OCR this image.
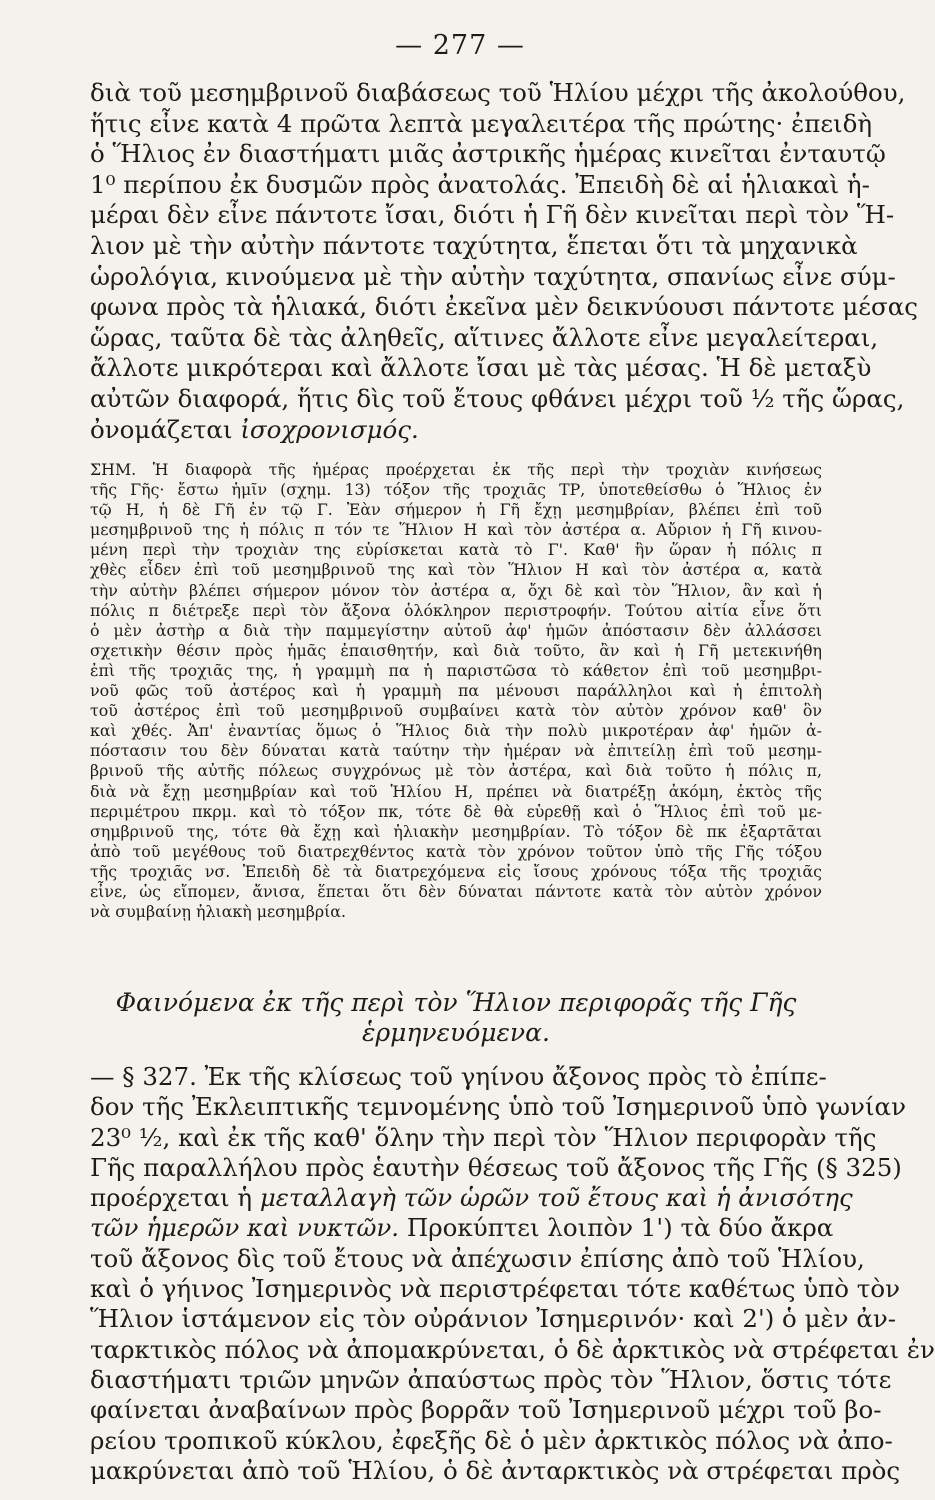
— 277 —

διὰ τοῦ μεσημβρινοῦ διαβάσεως τοῦ Ἡλίου μέχρι τῆς ἀκολούθου,
ἥτις εἶνε κατὰ 4 πρῶτα λεπτὰ μεγαλειτέρα τῆς πρώτης· ἐπειδὴ
ὁ Ἥλιος ἐν διαστήματι μιᾶς ἀστρικῆς ἡμέρας κινεῖται ἐνταυτῷ
1⁰ περίπου ἐκ δυσμῶν πρὸς ἀνατολάς. Ἐπειδὴ δὲ αἱ ἡλιακαὶ ἡ-
μέραι δὲν εἶνε πάντοτε ἴσαι, διότι ἡ Γῆ δὲν κινεῖται περὶ τὸν Ἥ-
λιον μὲ τὴν αὐτὴν πάντοτε ταχύτητα, ἕπεται ὅτι τὰ μηχανικὰ
ὡρολόγια, κινούμενα μὲ τὴν αὐτὴν ταχύτητα, σπανίως εἶνε σύμ-
φωνα πρὸς τὰ ἡλιακά, διότι ἐκεῖνα μὲν δεικνύουσι πάντοτε μέσας
ὥρας, ταῦτα δὲ τὰς ἀληθεῖς, αἵτινες ἄλλοτε εἶνε μεγαλείτεραι,
ἄλλοτε μικρότεραι καὶ ἄλλοτε ἴσαι μὲ τὰς μέσας. Ἡ δὲ μεταξὺ
αὐτῶν διαφορά, ἥτις δὶς τοῦ ἔτους φθάνει μέχρι τοῦ ½ τῆς ὥρας,
ὀνομάζεται ἰσοχρονισμός.

ΣΗΜ. Ἡ διαφορὰ τῆς ἡμέρας προέρχεται ἐκ τῆς περὶ τὴν τροχιὰν κινήσεως
τῆς Γῆς· ἔστω ἡμῖν (σχημ. 13) τόξον τῆς τροχιᾶς ΤΡ, ὑποτεθείσθω ὁ Ἥλιος ἐν
τῷ Η, ἡ δὲ Γῆ ἐν τῷ Γ. Ἐὰν σήμερον ἡ Γῆ ἔχῃ μεσημβρίαν, βλέπει ἐπὶ τοῦ
μεσημβρινοῦ της ἡ πόλις π τόν τε Ἥλιον Η καὶ τὸν ἀστέρα α. Αὔριον ἡ Γῆ κινου-
μένη περὶ τὴν τροχιὰν της εὑρίσκεται κατὰ τὸ Γ'. Καθ' ἣν ὥραν ἡ πόλις π
χθὲς εἶδεν ἐπὶ τοῦ μεσημβρινοῦ της καὶ τὸν Ἥλιον Η καὶ τὸν ἀστέρα α, κατὰ
τὴν αὐτὴν βλέπει σήμερον μόνον τὸν ἀστέρα α, ὄχι δὲ καὶ τὸν Ἥλιον, ἂν καὶ ἡ
πόλις π διέτρεξε περὶ τὸν ἄξονα ὁλόκληρον περιστροφήν. Τούτου αἰτία εἶνε ὅτι
ὁ μὲν ἀστὴρ α διὰ τὴν παμμεγίστην αὐτοῦ ἀφ' ἡμῶν ἀπόστασιν δὲν ἀλλάσσει
σχετικὴν θέσιν πρὸς ἡμᾶς ἐπαισθητήν, καὶ διὰ τοῦτο, ἂν καὶ ἡ Γῆ μετεκινήθη
ἐπὶ τῆς τροχιᾶς της, ἡ γραμμὴ πα ἡ παριστῶσα τὸ κάθετον ἐπὶ τοῦ μεσημβρι-
νοῦ φῶς τοῦ ἀστέρος καὶ ἡ γραμμὴ πα μένουσι παράλληλοι καὶ ἡ ἐπιτολὴ
τοῦ ἀστέρος ἐπὶ τοῦ μεσημβρινοῦ συμβαίνει κατὰ τὸν αὐτὸν χρόνον καθ' ὃν
καὶ χθές. Ἀπ' ἐναντίας ὅμως ὁ Ἥλιος διὰ τὴν πολὺ μικροτέραν ἀφ' ἡμῶν ἀ-
πόστασιν του δὲν δύναται κατὰ ταύτην τὴν ἡμέραν νὰ ἐπιτείλῃ ἐπὶ τοῦ μεσημ-
βρινοῦ τῆς αὐτῆς πόλεως συγχρόνως μὲ τὸν ἀστέρα, καὶ διὰ τοῦτο ἡ πόλις π,
διὰ νὰ ἔχῃ μεσημβρίαν καὶ τοῦ Ἡλίου Η, πρέπει νὰ διατρέξῃ ἀκόμη, ἐκτὸς τῆς
περιμέτρου πκρμ. καὶ τὸ τόξον πκ, τότε δὲ θὰ εὑρεθῇ καὶ ὁ Ἥλιος ἐπὶ τοῦ με-
σημβρινοῦ της, τότε θὰ ἔχῃ καὶ ἡλιακὴν μεσημβρίαν. Τὸ τόξον δὲ πκ ἐξαρτᾶται
ἀπὸ τοῦ μεγέθους τοῦ διατρεχθέντος κατὰ τὸν χρόνον τοῦτον ὑπὸ τῆς Γῆς τόξου
τῆς τροχιᾶς νσ. Ἐπειδὴ δὲ τὰ διατρεχόμενα εἰς ἴσους χρόνους τόξα τῆς τροχιᾶς
εἶνε, ὡς εἴπομεν, ἄνισα, ἕπεται ὅτι δὲν δύναται πάντοτε κατὰ τὸν αὐτὸν χρόνον
νὰ συμβαίνῃ ἡλιακὴ μεσημβρία.
Φαινόμενα ἐκ τῆς περὶ τὸν Ἥλιον περιφορᾶς τῆς Γῆς
ἑρμηνευόμενα.

— § 327. Ἐκ τῆς κλίσεως τοῦ γηίνου ἄξονος πρὸς τὸ ἐπίπε-
δον τῆς Ἐκλειπτικῆς τεμνομένης ὑπὸ τοῦ Ἰσημερινοῦ ὑπὸ γωνίαν
23⁰ ½, καὶ ἐκ τῆς καθ' ὅλην τὴν περὶ τὸν Ἥλιον περιφορὰν τῆς
Γῆς παραλλήλου πρὸς ἑαυτὴν θέσεως τοῦ ἄξονος τῆς Γῆς (§ 325)
προέρχεται ἡ μεταλλαγὴ τῶν ὡρῶν τοῦ ἔτους καὶ ἡ ἀνισότης
τῶν ἡμερῶν καὶ νυκτῶν. Προκύπτει λοιπὸν 1') τὰ δύο ἄκρα
τοῦ ἄξονος δὶς τοῦ ἔτους νὰ ἀπέχωσιν ἐπίσης ἀπὸ τοῦ Ἡλίου,
καὶ ὁ γήινος Ἰσημερινὸς νὰ περιστρέφεται τότε καθέτως ὑπὸ τὸν
Ἥλιον ἱστάμενον εἰς τὸν οὐράνιον Ἰσημερινόν· καὶ 2') ὁ μὲν ἀν-
ταρκτικὸς πόλος νὰ ἀπομακρύνεται, ὁ δὲ ἀρκτικὸς νὰ στρέφεται ἐν
διαστήματι τριῶν μηνῶν ἀπαύστως πρὸς τὸν Ἥλιον, ὅστις τότε
φαίνεται ἀναβαίνων πρὸς βορρᾶν τοῦ Ἰσημερινοῦ μέχρι τοῦ βο-
ρείου τροπικοῦ κύκλου, ἐφεξῆς δὲ ὁ μὲν ἀρκτικὸς πόλος νὰ ἀπο-
μακρύνεται ἀπὸ τοῦ Ἡλίου, ὁ δὲ ἀνταρκτικὸς νὰ στρέφεται πρὸς
